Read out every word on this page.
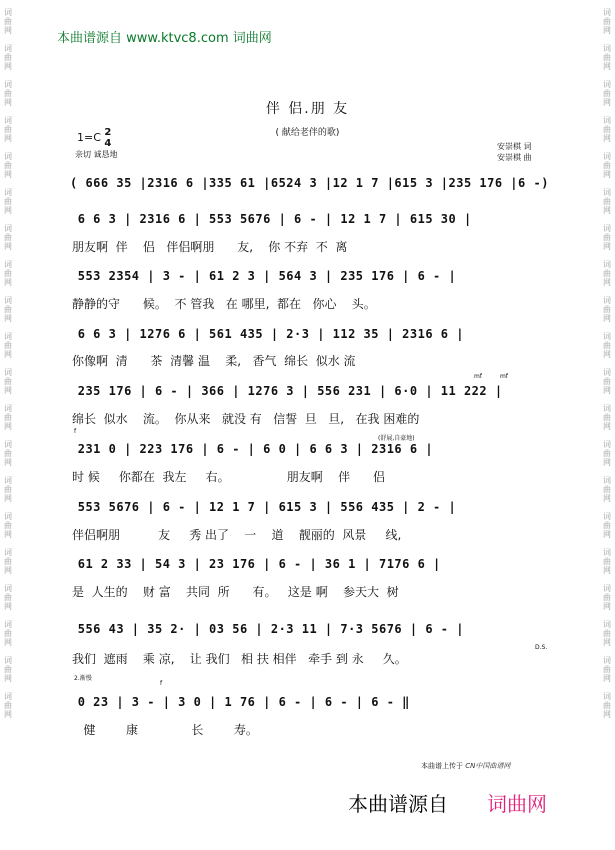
本曲谱源自 www.ktvc8.com 词曲网
词
曲
网

词
曲
网

词
曲
网

词
曲
网

词
曲
网

词
曲
网

词
曲
网

词
曲
网

词
曲
网

词
曲
网

词
曲
网

词
曲
网

词
曲
网

词
曲
网

词
曲
网

词
曲
网

词
曲
网

词
曲
网

词
曲
网

词
曲
网
词
曲
网

词
曲
网

词
曲
网

词
曲
网

词
曲
网

词
曲
网

词
曲
网

词
曲
网

词
曲
网

词
曲
网

词
曲
网

词
曲
网

词
曲
网

词
曲
网

词
曲
网

词
曲
网

词
曲
网

词
曲
网

词
曲
网

词
曲
网
伴 侣.朋 友
( 献给老伴的歌)
1=C 2
4
亲切 诚恳地
安崇棋 词
安崇棋 曲
( 666 35 |2316 6 |335 61 |6524 3 |12 1 7 |615 3 |235 176 |6 -)
6 6 3 | 2316 6 | 553 5676 | 6 - | 12 1 7 | 615 30 |
朋友啊  伴    侣   伴侣啊朋      友,    你 不弃  不  离
553 2354 | 3 - | 61 2 3 | 564 3 | 235 176 | 6 - |
静静的守      候。  不 管我   在 哪里,  都在   你心    头。
6 6 3 | 1276 6 | 561 435 | 2·3 | 112 35 | 2316 6 |
你像啊  清      茶  清馨 温    柔,   香气  绵长  似水 流
mf	mf
235 176 | 6 - | 366 | 1276 3 | 556 231 | 6·0 | 11 222 |
绵长  似水    流。  你从来   就没 有   信誓  旦   旦,   在我 困难的
f
(舒展,自豪地)
231 0 | 223 176 | 6 - | 6 0 | 6 6 3 | 2316 6 |
时 候     你都在  我左     右。               朋友啊    伴      侣
553 5676 | 6 - | 12 1 7 | 615 3 | 556 435 | 2 - |
伴侣啊朋          友     秀 出了    一    道    靓丽的  风景     线,
61 2 33 | 54 3 | 23 176 | 6 - | 36 1 | 7176 6 |
是  人生的    财 富    共同  所      有。   这是 啊    参天大  树
556 43 | 35 2· | 03 56 | 2·3 11 | 7·3 5676 | 6 - |
我们  遮雨    乘 凉,    让 我们   相 扶 相伴   牵手 到 永     久。
D.S.
2.渐慢
f
0 23 | 3 - | 3 0 | 1 76 | 6 - | 6 - | 6 - ‖
健        康              长        寿。
本曲谱上传于 CN中国曲谱网
本曲谱源自 词曲网
